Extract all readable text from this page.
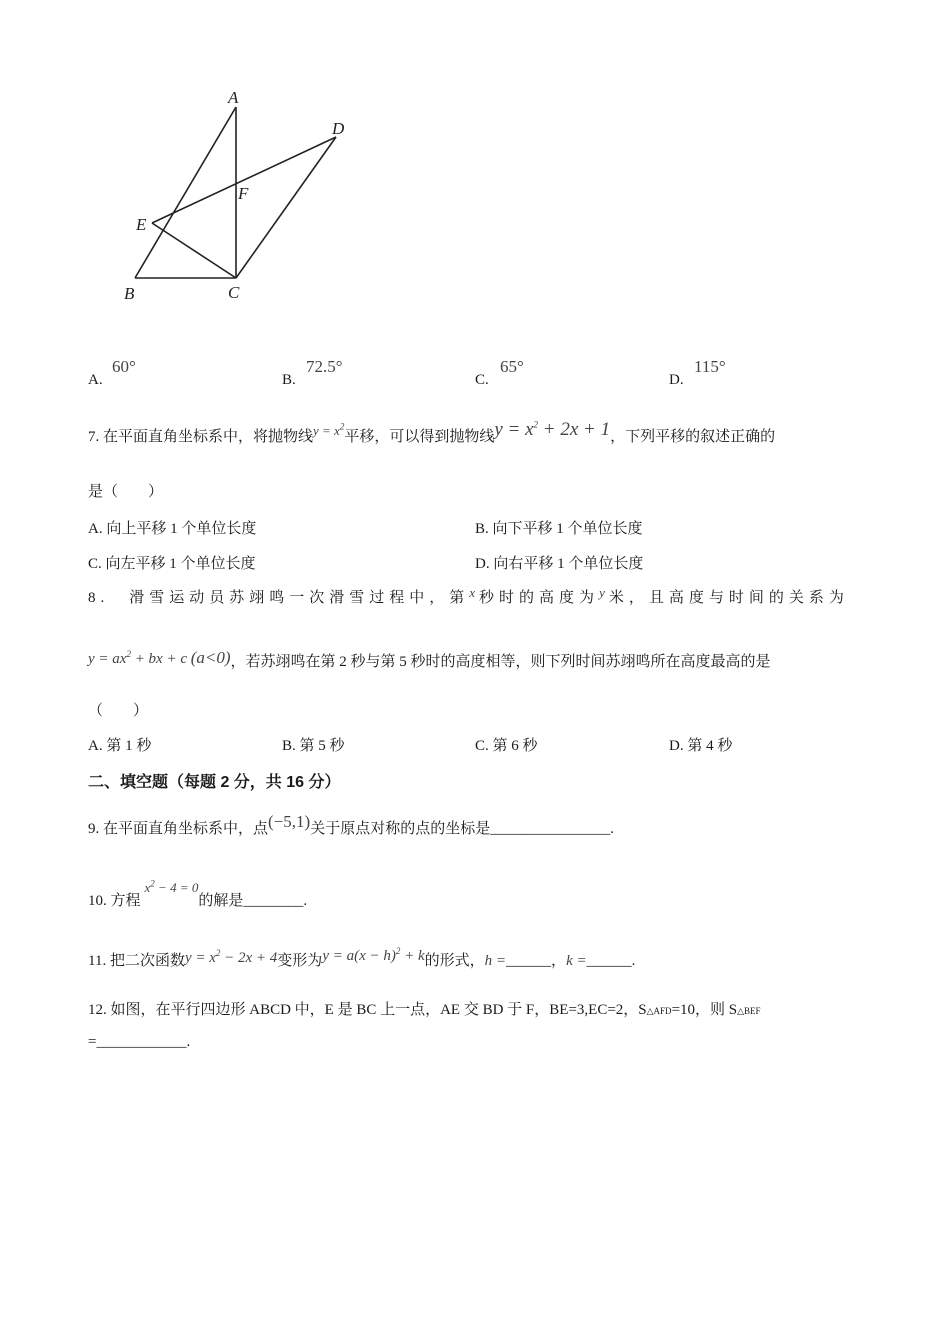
A
D
F
E
B	C
A.
60°
B.
72.5°
C.
65°
D.
115°
7. 在平面直角坐标系中，将抛物线$y = x^2$平移，可以得到抛物线$y = x^2 + 2x + 1$，下列平移的叙述正确的
是（　　）
A. 向上平移 1 个单位长度	B. 向下平移 1 个单位长度
C. 向左平移 1 个单位长度	D. 向右平移 1 个单位长度
8.　滑雪运动员苏翊鸣一次滑雪过程中，第x 秒时的高度为y 米，且高度与时间的关系为
$y = ax^2$ + bx + c (a<0)，若苏翊鸣在第 2 秒与第 5 秒时的高度相等，则下列时间苏翊鸣所在高度最高的是
（　　）
A. 第 1 秒	B. 第 5 秒	C. 第 6 秒	D. 第 4 秒
二、填空题（每题 2 分，共 16 分）
9. 在平面直角坐标系中，点(−5,1)关于原点对称的点的坐标是________________.
10. 方程$x^2 - 4 = 0$的解是________.
11. 把二次函数$y = x^2 - 2x + 4$变形为$y = a(x - h)^2 + k$的形式，h =______，k =______.
12. 如图，在平行四边形 ABCD 中，E 是 BC 上一点，AE 交 BD 于 F，BE=3,EC=2，S△AFD=10，则 S△BEF
=____________.
